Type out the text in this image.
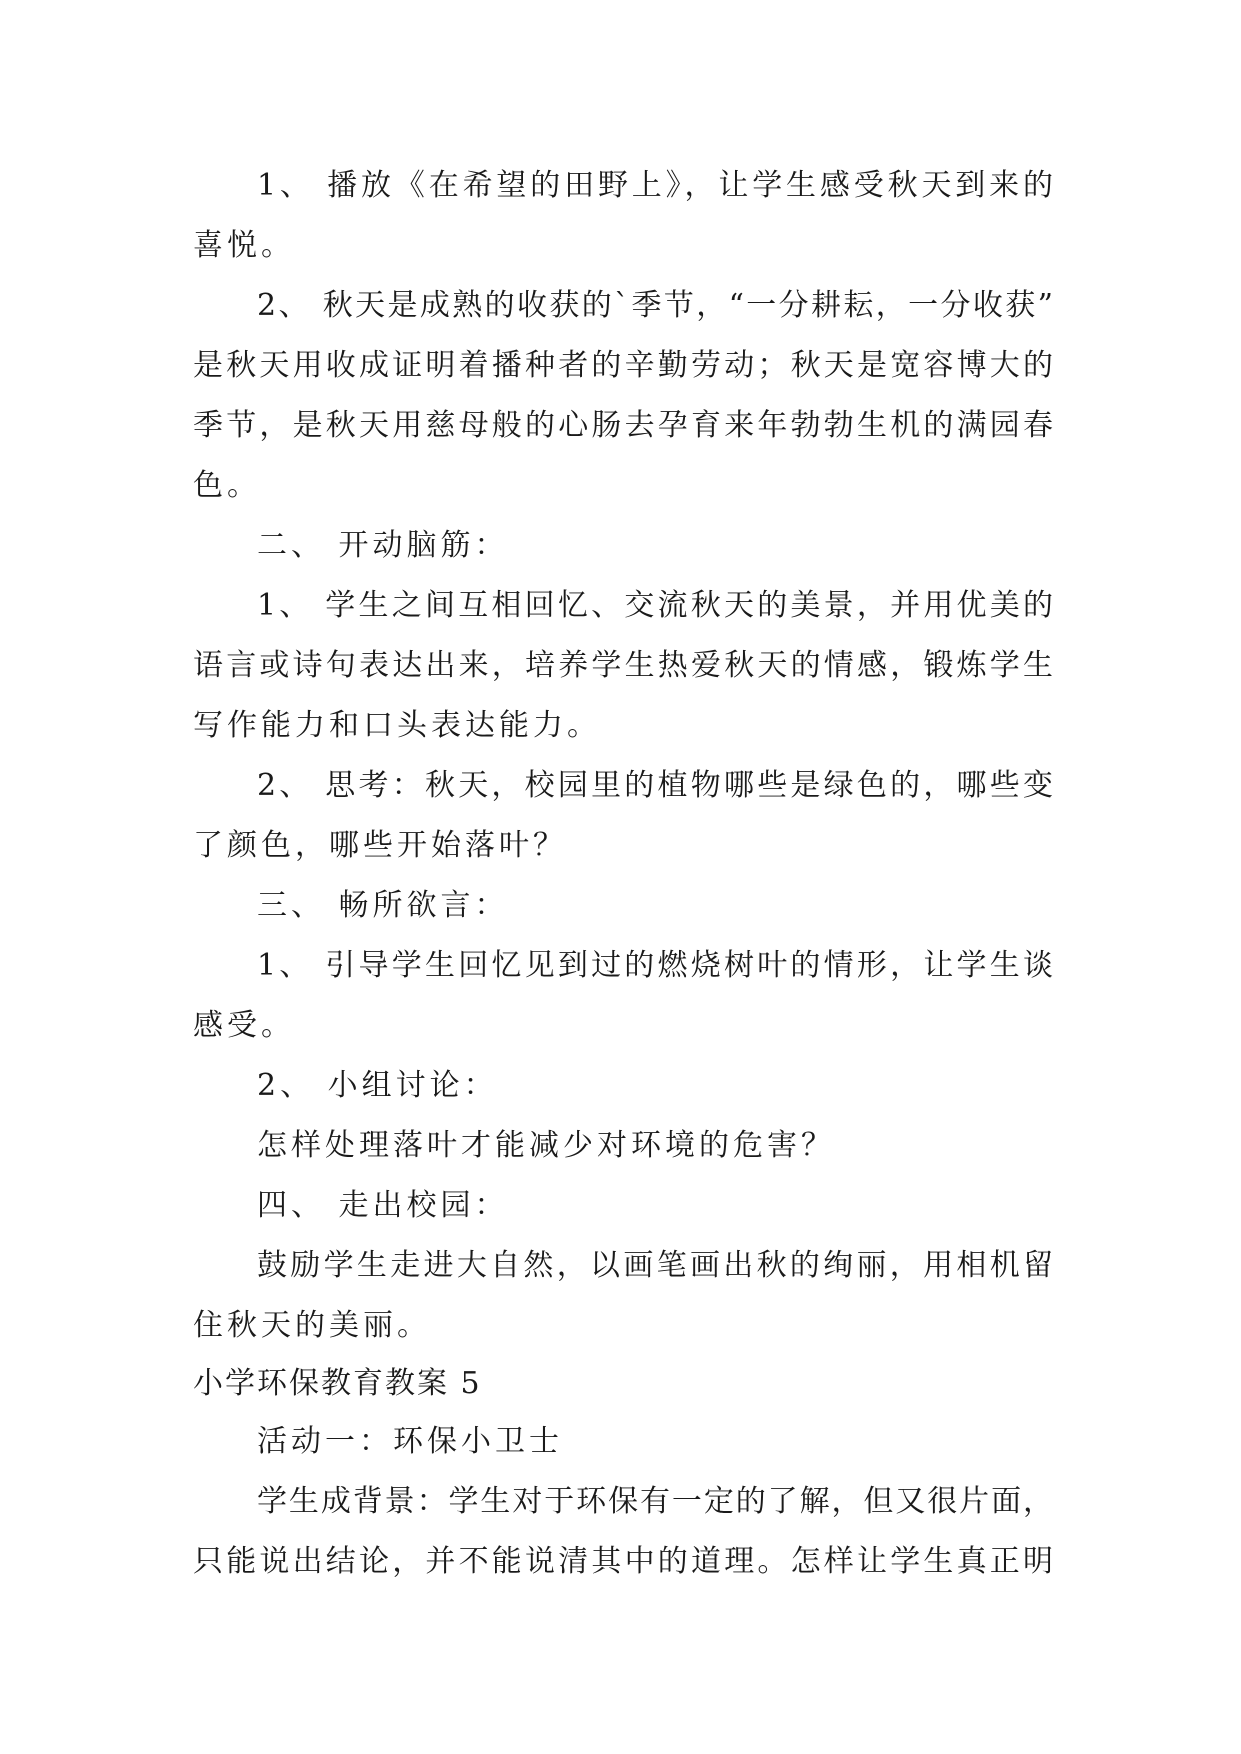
1、 播放《在希望的田野上》，让学生感受秋天到来的
喜悦。
2、 秋天是成熟的收获的`季节，“一分耕耘，一分收获”
是秋天用收成证明着播种者的辛勤劳动；秋天是宽容博大的
季节，是秋天用慈母般的心肠去孕育来年勃勃生机的满园春
色。
二、 开动脑筋：
1、 学生之间互相回忆、交流秋天的美景，并用优美的
语言或诗句表达出来，培养学生热爱秋天的情感，锻炼学生
写作能力和口头表达能力。
2、 思考：秋天，校园里的植物哪些是绿色的，哪些变
了颜色，哪些开始落叶？
三、 畅所欲言：
1、 引导学生回忆见到过的燃烧树叶的情形，让学生谈
感受。
2、 小组讨论：
怎样处理落叶才能减少对环境的危害？
四、 走出校园：
鼓励学生走进大自然，以画笔画出秋的绚丽，用相机留
住秋天的美丽。
小学环保教育教案 5
活动一：环保小卫士
学生成背景：学生对于环保有一定的了解，但又很片面，
只能说出结论，并不能说清其中的道理。怎样让学生真正明
